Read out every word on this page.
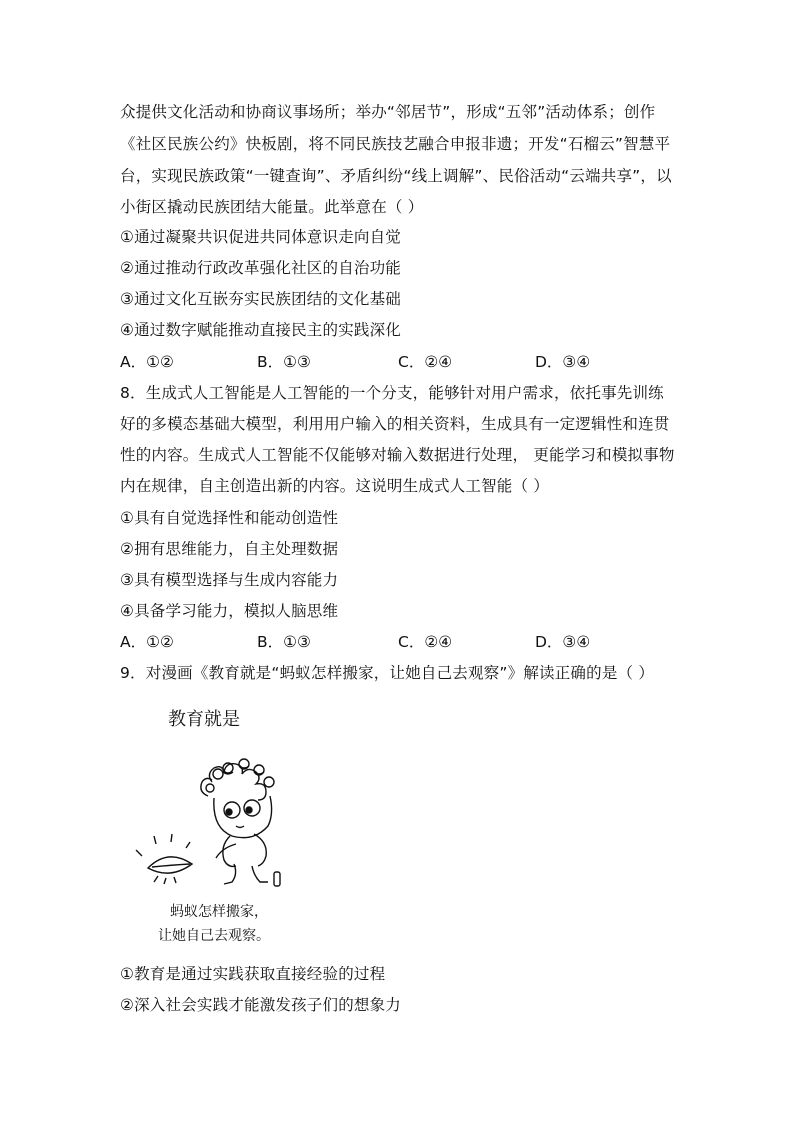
众提供文化活动和协商议事场所；举办“邻居节”，形成“五邻”活动体系；创作
《社区民族公约》快板剧，将不同民族技艺融合申报非遗；开发“石榴云”智慧平
台，实现民族政策“一键查询”、矛盾纠纷“线上调解”、民俗活动“云端共享”，以
小街区撬动民族团结大能量。此举意在（ ）
①通过凝聚共识促进共同体意识走向自觉
②通过推动行政改革强化社区的自治功能
③通过文化互嵌夯实民族团结的文化基础
④通过数字赋能推动直接民主的实践深化
A．①②	B．①③	C．②④	D．③④
8．生成式人工智能是人工智能的一个分支，能够针对用户需求，依托事先训练
好的多模态基础大模型，利用用户输入的相关资料，生成具有一定逻辑性和连贯
性的内容。生成式人工智能不仅能够对输入数据进行处理， 更能学习和模拟事物
内在规律，自主创造出新的内容。这说明生成式人工智能（ ）
①具有自觉选择性和能动创造性
②拥有思维能力，自主处理数据
③具有模型选择与生成内容能力
④具备学习能力，模拟人脑思维
A．①②	B．①③	C．②④	D．③④
9．对漫画《教育就是“蚂蚁怎样搬家，让她自己去观察”》解读正确的是（ ）
教育就是
蚂蚁怎样搬家，
让她自己去观察。
①教育是通过实践获取直接经验的过程
②深入社会实践才能激发孩子们的想象力
